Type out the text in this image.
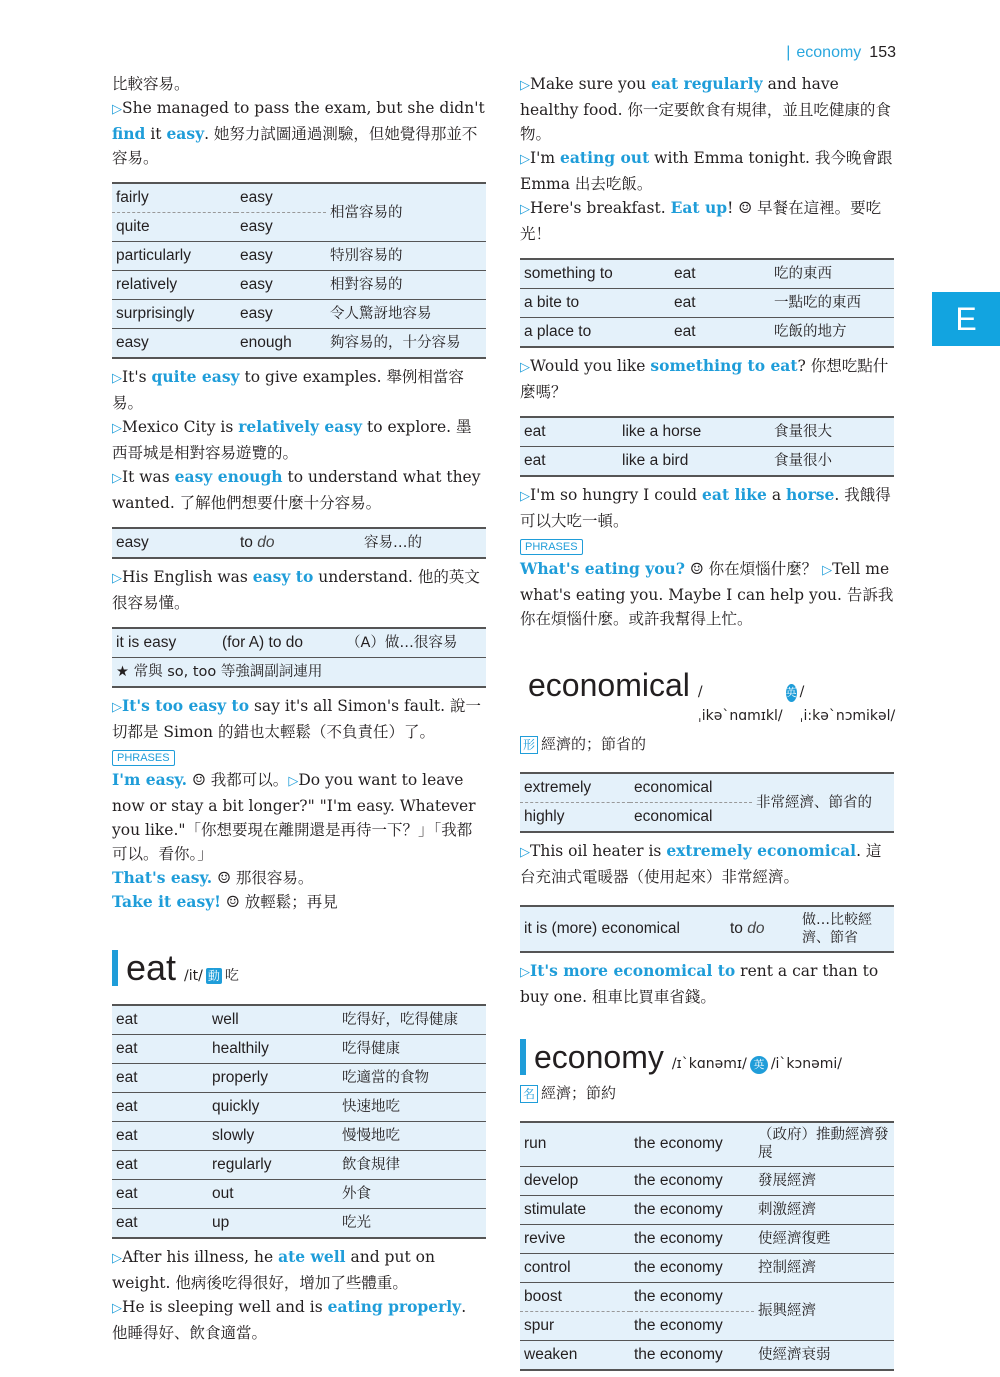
| economy 153
E

比較容易。

▷She managed to pass the exam, but she didn't find it easy. 她努力試圖通過測驗，但她覺得那並不容易。

fairly	easy	相當容易的
quite	easy	
particularly	easy	特別容易的
relatively	easy	相對容易的
surprisingly	easy	令人驚訝地容易
easy	enough	夠容易的，十分容易

▷It's quite easy to give examples. 舉例相當容易。

▷Mexico City is relatively easy to explore. 墨西哥城是相對容易遊覽的。

▷It was easy enough to understand what they wanted. 了解他們想要什麼十分容易。

easy	to do	容易…的

▷His English was easy to understand. 他的英文很容易懂。

it is easy	(for A) to do	（A）做…很容易
★ 常與 so, too 等強調副詞連用

▷It's too easy to say it's all Simon's fault. 說一切都是 Simon 的錯也太輕鬆（不負責任）了。

PHRASES

I'm easy. ☺ 我都可以。▷Do you want to leave now or stay a bit longer?" "I'm easy. Whatever you like."「你想要現在離開還是再待一下？」「我都可以。看你。」

That's easy. ☺ 那很容易。

Take it easy! ☺ 放輕鬆；再見

eat /it/ 動 吃
eat	well	吃得好，吃得健康
eat	healthily	吃得健康
eat	properly	吃適當的食物
eat	quickly	快速地吃
eat	slowly	慢慢地吃
eat	regularly	飲食規律
eat	out	外食
eat	up	吃光

▷After his illness, he ate well and put on weight. 他病後吃得很好，增加了些體重。

▷He is sleeping well and is eating properly. 他睡得好、飲食適當。

▷Make sure you eat regularly and have healthy food. 你一定要飲食有規律，並且吃健康的食物。

▷I'm eating out with Emma tonight. 我今晚會跟 Emma 出去吃飯。

▷Here's breakfast. Eat up! ☺ 早餐在這裡。要吃光！

something to	eat	吃的東西
a bite to	eat	一點吃的東西
a place to	eat	吃飯的地方

▷Would you like something to eat? 你想吃點什麼嗎？

eat	like a horse	食量很大
eat	like a bird	食量很小

▷I'm so hungry I could eat like a horse. 我餓得可以大吃一頓。

PHRASES

What's eating you? ☺ 你在煩惱什麼？ ▷Tell me what's eating you. Maybe I can help you. 告訴我你在煩惱什麼。或許我幫得上忙。

economical /ˌikəˋnɑmɪkl/
英 /ˌi:kəˋnɔmikəl/
形 經濟的；節省的
extremely	economical	非常經濟、節省的
highly	economical	

▷This oil heater is extremely economical. 這台充油式電暖器（使用起來）非常經濟。

it is (more) economical	to do	做…比較經濟、節省

▷It's more economical to rent a car than to buy one. 租車比買車省錢。

economy /ɪˋkɑnəmɪ/ 英 /iˋkɔnəmi/
名 經濟；節約
run	the economy	（政府）推動經濟發展
develop	the economy	發展經濟
stimulate	the economy	刺激經濟
revive	the economy	使經濟復甦
control	the economy	控制經濟
boost	the economy	振興經濟
spur	the economy	
weaken	the economy	使經濟衰弱
